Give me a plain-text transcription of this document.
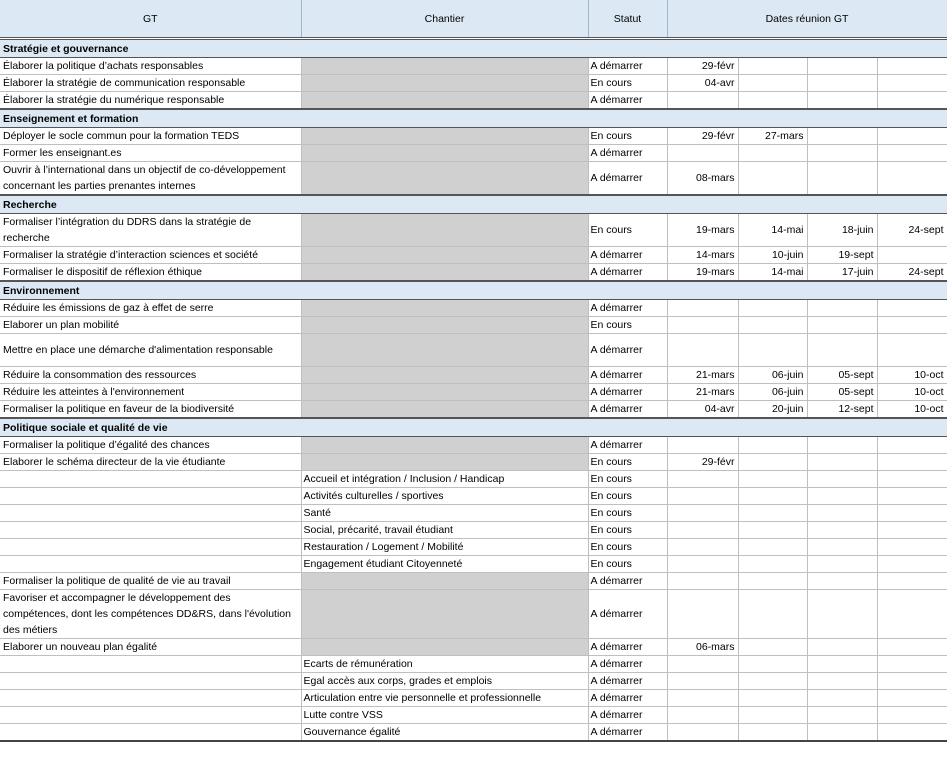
GT	Chantier	Statut	Dates réunion GT			
Stratégie et gouvernance						
Élaborer la politique d’achats responsables		A démarrer	29-févr			
Élaborer la stratégie de communication responsable		En cours	04-avr			
Élaborer la stratégie du numérique responsable		A démarrer				
Enseignement et formation						
Déployer le socle commun pour la formation TEDS		En cours	29-févr	27-mars		
Former les enseignant.es		A démarrer				
Ouvrir à l’international dans un objectif de co-développement concernant les parties prenantes internes		A démarrer	08-mars			
Recherche						
Formaliser l’intégration du DDRS dans la stratégie de recherche		En cours	19-mars	14-mai	18-juin	24-sept
Formaliser la stratégie d’interaction sciences et société		A démarrer	14-mars	10-juin	19-sept	
Formaliser le dispositif de réflexion éthique		A démarrer	19-mars	14-mai	17-juin	24-sept
Environnement						
Réduire les émissions de gaz à effet de serre		A démarrer				
Elaborer un plan mobilité		En cours				
Mettre en place une démarche d'alimentation responsable		A démarrer				
Réduire la consommation des ressources		A démarrer	21-mars	06-juin	05-sept	10-oct
Réduire les atteintes à l'environnement		A démarrer	21-mars	06-juin	05-sept	10-oct
Formaliser la politique en faveur de la biodiversité		A démarrer	04-avr	20-juin	12-sept	10-oct
Politique sociale et qualité de vie						
Formaliser la politique d’égalité des chances		A démarrer				
Elaborer le schéma directeur de la vie étudiante		En cours	29-févr			
	Accueil et intégration / Inclusion / Handicap	En cours				
	Activités culturelles / sportives	En cours				
	Santé	En cours				
	Social, précarité, travail étudiant	En cours				
	Restauration / Logement / Mobilité	En cours				
	Engagement étudiant Citoyenneté	En cours				
Formaliser la politique de qualité de vie au travail		A démarrer				
Favoriser et accompagner le développement des compétences, dont les compétences DD&RS, dans l'évolution des métiers		A démarrer				
Elaborer un nouveau plan égalité		A démarrer	06-mars			
	Ecarts de rémunération	A démarrer				
	Egal accès aux corps, grades et emplois	A démarrer				
	Articulation entre vie personnelle et professionnelle	A démarrer				
	Lutte contre VSS	A démarrer				
	Gouvernance égalité	A démarrer				
